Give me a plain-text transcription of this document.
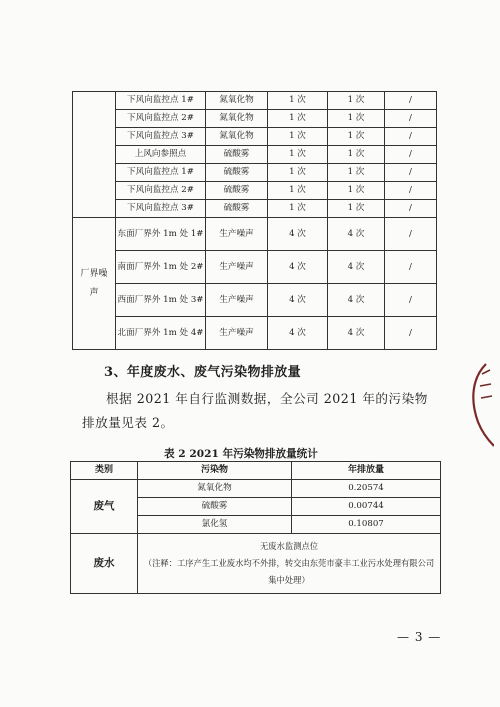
	下风向监控点 1#	氮氧化物	1 次	1 次	/
	下风向监控点 2#	氮氧化物	1 次	1 次	/
	下风向监控点 3#	氮氧化物	1 次	1 次	/
	上风向参照点	硫酸雾	1 次	1 次	/
	下风向监控点 1#	硫酸雾	1 次	1 次	/
	下风向监控点 2#	硫酸雾	1 次	1 次	/
	下风向监控点 3#	硫酸雾	1 次	1 次	/
厂界噪声	东面厂界外 1m 处 1#	生产噪声	4 次	4 次	/
	南面厂界外 1m 处 2#	生产噪声	4 次	4 次	/
	西面厂界外 1m 处 3#	生产噪声	4 次	4 次	/
	北面厂界外 1m 处 4#	生产噪声	4 次	4 次	/
3、年度废水、废气污染物排放量
根据 2021 年自行监测数据，全公司 2021 年的污染物排放量见表 2。
表 2 2021 年污染物排放量统计
类别	污染物	年排放量
废气	氮氧化物	0.20574
	硫酸雾	0.00744
	氯化氢	0.10807
废水	无废水监测点位
（注释：工序产生工业废水均不外排，转交由东莞市豪丰工业污水处理有限公司集中处理）	
— 3 —
